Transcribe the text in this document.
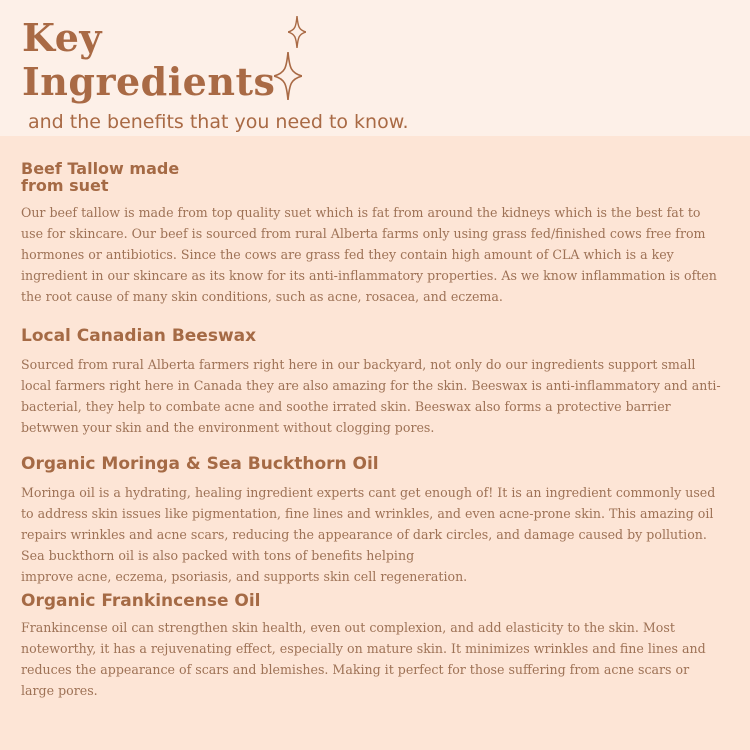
Key
Ingredients

and the benefits that you need to know.

Beef Tallow made
from suet

Our beef tallow is made from top quality suet which is fat from around the kidneys which is the best fat to use for skincare. Our beef is sourced from rural Alberta farms only using grass fed/finished cows free from hormones or antibiotics. Since the cows are grass fed they contain high amount of CLA which is a key ingredient in our skincare as its know for its anti-inflammatory properties. As we know inflammation is often the root cause of many skin conditions, such as acne, rosacea, and eczema.

Local Canadian Beeswax

Sourced from rural Alberta farmers right here in our backyard, not only do our ingredients support small local farmers right here in Canada they are also amazing for the skin. Beeswax is anti-inflammatory and anti-bacterial, they help to combate acne and soothe irrated skin. Beeswax also forms a protective barrier betwwen your skin and the environment without clogging pores.

Organic Moringa & Sea Buckthorn Oil

Moringa oil is a hydrating, healing ingredient experts cant get enough of! It is an ingredient commonly used to address skin issues like pigmentation, fine lines and wrinkles, and even acne-prone skin. This amazing oil repairs wrinkles and acne scars, reducing the appearance of dark circles, and damage caused by pollution. Sea buckthorn oil is also packed with tons of benefits helping
improve acne, eczema, psoriasis, and supports skin cell regeneration.

Organic Frankincense Oil

Frankincense oil can strengthen skin health, even out complexion, and add elasticity to the skin. Most noteworthy, it has a rejuvenating effect, especially on mature skin. It minimizes wrinkles and fine lines and reduces the appearance of scars and blemishes. Making it perfect for those suffering from acne scars or large pores.
